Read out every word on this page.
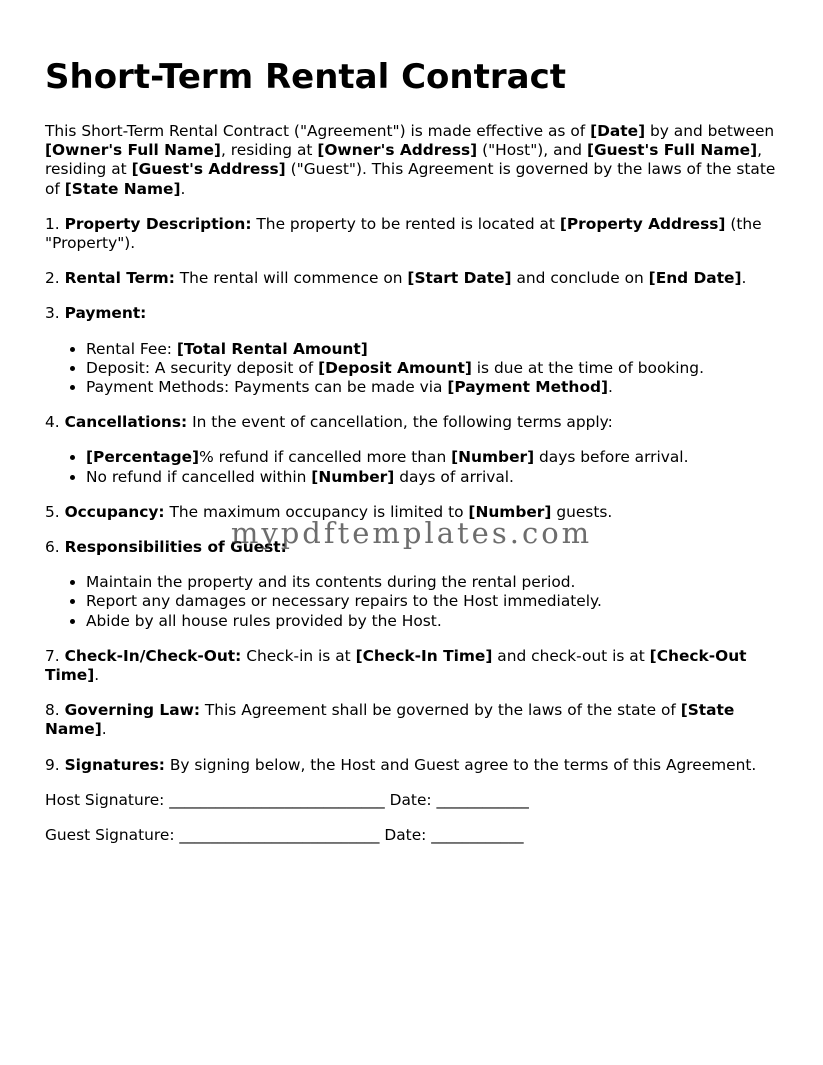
Short-Term Rental Contract

This Short-Term Rental Contract ("Agreement") is made effective as of [Date] by and between [Owner's Full Name], residing at [Owner's Address] ("Host"), and [Guest's Full Name], residing at [Guest's Address] ("Guest"). This Agreement is governed by the laws of the state of [State Name].

1. Property Description: The property to be rented is located at [Property Address] (the "Property").

2. Rental Term: The rental will commence on [Start Date] and conclude on [End Date].

3. Payment:

• Rental Fee: [Total Rental Amount]
• Deposit: A security deposit of [Deposit Amount] is due at the time of booking.
• Payment Methods: Payments can be made via [Payment Method].

4. Cancellations: In the event of cancellation, the following terms apply:

• [Percentage]% refund if cancelled more than [Number] days before arrival.
• No refund if cancelled within [Number] days of arrival.

5. Occupancy: The maximum occupancy is limited to [Number] guests.

6. Responsibilities of Guest:

• Maintain the property and its contents during the rental period.
• Report any damages or necessary repairs to the Host immediately.
• Abide by all house rules provided by the Host.

7. Check-In/Check-Out: Check-in is at [Check-In Time] and check-out is at [Check-Out Time].

8. Governing Law: This Agreement shall be governed by the laws of the state of [State Name].

9. Signatures: By signing below, the Host and Guest agree to the terms of this Agreement.

Host Signature: ____________________________ Date: ____________

Guest Signature: __________________________ Date: ____________

mypdftemplates.com
